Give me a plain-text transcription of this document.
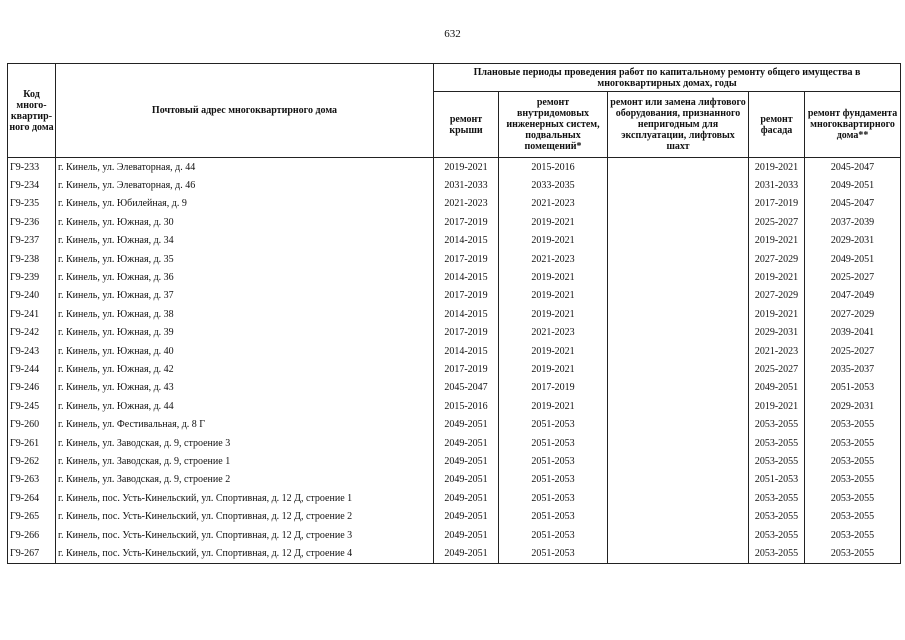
632
Код много-квартир-ного дома	Почтовый адрес многоквартирного дома	Плановые периоды проведения работ по капитальному ремонту общего имущества в многоквартирных домах, годы				
		ремонт крыши	ремонт внутридомовых инженерных систем, подвальных помещений*	ремонт или замена лифтового оборудования, признанного непригодным для эксплуатации, лифтовых шахт	ремонт фасада	ремонт фундамента многоквартирного дома**
Г9-233	г. Кинель, ул. Элеваторная, д. 44	2019-2021	2015-2016		2019-2021	2045-2047
Г9-234	г. Кинель, ул. Элеваторная, д. 46	2031-2033	2033-2035		2031-2033	2049-2051
Г9-235	г. Кинель, ул. Юбилейная, д. 9	2021-2023	2021-2023		2017-2019	2045-2047
Г9-236	г. Кинель, ул. Южная, д. 30	2017-2019	2019-2021		2025-2027	2037-2039
Г9-237	г. Кинель, ул. Южная, д. 34	2014-2015	2019-2021		2019-2021	2029-2031
Г9-238	г. Кинель, ул. Южная, д. 35	2017-2019	2021-2023		2027-2029	2049-2051
Г9-239	г. Кинель, ул. Южная, д. 36	2014-2015	2019-2021		2019-2021	2025-2027
Г9-240	г. Кинель, ул. Южная, д. 37	2017-2019	2019-2021		2027-2029	2047-2049
Г9-241	г. Кинель, ул. Южная, д. 38	2014-2015	2019-2021		2019-2021	2027-2029
Г9-242	г. Кинель, ул. Южная, д. 39	2017-2019	2021-2023		2029-2031	2039-2041
Г9-243	г. Кинель, ул. Южная, д. 40	2014-2015	2019-2021		2021-2023	2025-2027
Г9-244	г. Кинель, ул. Южная, д. 42	2017-2019	2019-2021		2025-2027	2035-2037
Г9-246	г. Кинель, ул. Южная, д. 43	2045-2047	2017-2019		2049-2051	2051-2053
Г9-245	г. Кинель, ул. Южная, д. 44	2015-2016	2019-2021		2019-2021	2029-2031
Г9-260	г. Кинель, ул. Фестивальная, д. 8 Г	2049-2051	2051-2053		2053-2055	2053-2055
Г9-261	г. Кинель, ул. Заводская, д. 9, строение 3	2049-2051	2051-2053		2053-2055	2053-2055
Г9-262	г. Кинель, ул. Заводская, д. 9, строение 1	2049-2051	2051-2053		2053-2055	2053-2055
Г9-263	г. Кинель, ул. Заводская, д. 9, строение 2	2049-2051	2051-2053		2051-2053	2053-2055
Г9-264	г. Кинель, пос. Усть-Кинельский, ул. Спортивная, д. 12 Д, строение 1	2049-2051	2051-2053		2053-2055	2053-2055
Г9-265	г. Кинель, пос. Усть-Кинельский, ул. Спортивная, д. 12 Д, строение 2	2049-2051	2051-2053		2053-2055	2053-2055
Г9-266	г. Кинель, пос. Усть-Кинельский, ул. Спортивная, д. 12 Д, строение 3	2049-2051	2051-2053		2053-2055	2053-2055
Г9-267	г. Кинель, пос. Усть-Кинельский, ул. Спортивная, д. 12 Д, строение 4	2049-2051	2051-2053		2053-2055	2053-2055
